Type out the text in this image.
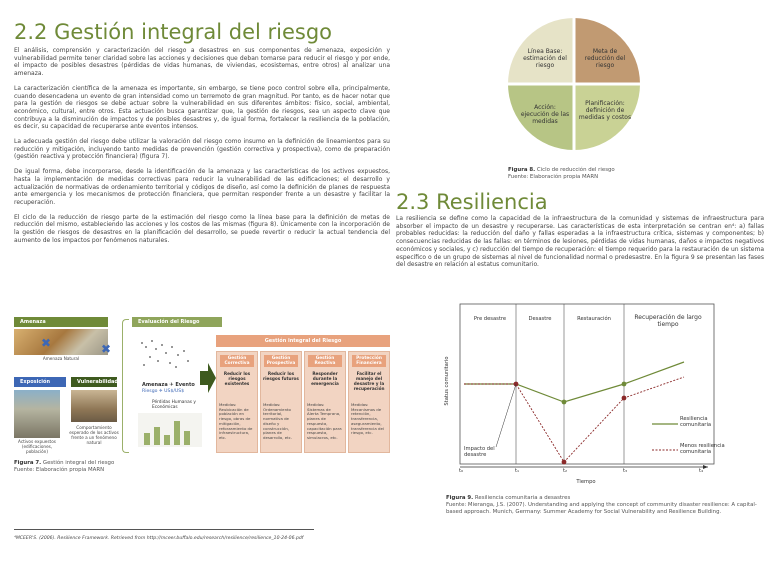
2.2 Gestión integral del riesgo

El análisis, comprensión y caracterización del riesgo a desastres en sus componentes de amenaza, exposición y vulnerabilidad permite tener claridad sobre las acciones y decisiones que deban tomarse para reducir el riesgo y por ende, el impacto de posibles desastres (pérdidas de vidas humanas, de viviendas, ecosistemas, entre otros) al analizar una amenaza.

La caracterización científica de la amenaza es importante, sin embargo, se tiene poco control sobre ella, principalmente, cuando desencadena un evento de gran intensidad como un terremoto de gran magnitud. Por tanto, es de hacer notar que para la gestión de riesgos se debe actuar sobre la vulnerabilidad en sus diferentes ámbitos: físico, social, ambiental, económico, cultural, entre otros. Esta actuación busca garantizar que, la gestión de riesgos, sea un aspecto clave que contribuya a la disminución de impactos y de posibles desastres y, de igual forma, fortalecer la resiliencia de la población, es decir, su capacidad de recuperarse ante eventos intensos.

La adecuada gestión del riesgo debe utilizar la valoración del riesgo como insumo en la definición de lineamientos para su reducción y mitigación, incluyendo tanto medidas de prevención (gestión correctiva y prospectiva), como de preparación (gestión reactiva y protección financiera) (figura 7).

De igual forma, debe incorporarse, desde la identificación de la amenaza y las características de los activos expuestos, hasta la implementación de medidas correctivas para reducir la vulnerabilidad de las edificaciones; el desarrollo y actualización de normativas de ordenamiento territorial y códigos de diseño, así como la definición de planes de respuesta ante emergencia y los mecanismos de protección financiera, que permitan responder frente a un desastre y facilitar la recuperación.

El ciclo de la reducción de riesgo parte de la estimación del riesgo como la línea base para la definición de metas de reducción del mismo, estableciendo las acciones y los costos de las mismas (figura 8). Únicamente con la incorporación de la gestión de riesgos de desastres en la planificación del desarrollo, se puede revertir o reducir la actual tendencia del aumento de los impactos por fenómenos naturales.

Línea Base: estimación del riesgo
Meta de reducción del riesgo
Planificación: definición de medidas y costos
Acción: ejecución de las medidas
Figura 8. Ciclo de reducción del riesgo
Fuente: Elaboración propia MARN
2.3 Resiliencia

La resiliencia se define como la capacidad de la infraestructura de la comunidad y sistemas de infraestructura para absorber el impacto de un desastre y recuperarse. Las características de esta interpretación se centran en⁴: a) fallas probables reducidas: la reducción del daño y fallas esperadas a la infraestructura crítica, sistemas y componentes; b) consecuencias reducidas de las fallas: en términos de lesiones, pérdidas de vidas humanas, daños e impactos negativos económicos y sociales, y c) reducción del tiempo de recuperación: el tiempo requerido para la restauración de un sistema específico o de un grupo de sistemas al nivel de funcionalidad normal o predesastre. En la figura 9 se presentan las fases del desastre en relación al estatus comunitario.

Amenaza
Amenaza Natural
✖
Exposición
Activos expuestos (edificaciones, población)
✖
Vulnerabilidad
Comportamiento esperado de los activos frente a un fenómeno natural
Evaluación del Riesgo Sísmico
Amenaza ✈ Evento
Riesgo ✈ US$/US$
Pérdidas Humanas y Económicas
Gestión integral del Riesgo
Gestión Correctiva
Reducir los riesgos existentes
Medidas: Reubicación de población en riesgo, obras de mitigación, reforzamiento de infraestructura, etc.
Gestión Prospectiva
Reducir los riesgos futuros
Medidas: Ordenamiento territorial, normativa de diseño y construcción, planes de desarrollo, etc.
Gestión Reactiva
Responder durante la emergencia
Medidas: Sistemas de Alerta Temprana, planes de respuesta, capacitación para respuesta, simulacros, etc.
Protección Financiera
Facilitar el manejo del desastre y la recuperación
Medidas: Mecanismos de retención, transferencia, aseguramiento, transferencia del riesgo, etc.
Figura 7. Gestión integral del riesgo
Fuente: Elaboración propia MARN
Pre desastre	Desastre	Restauración	Recuperación de largo tiempo
Status comunitario
Tiempo
t₀	t₁	t₂	t₃	t₄
Impacto del desastre
Resiliencia comunitaria
Menos resiliencia comunitaria
Figura 9. Resiliencia comunitaria a desastres
Fuente: Mieranga, J.S. (2007). Understanding and applying the concept of community disaster resilience: A capital-based approach. Munich, Germany: Summer Academy for Social Vulnerability and Resilience Building.
⁴MCEER'S. (2006). Resilience Framework. Retrieved from http://mceer.buffalo.edu/research/resilience/resilience_10-24-06.pdf
